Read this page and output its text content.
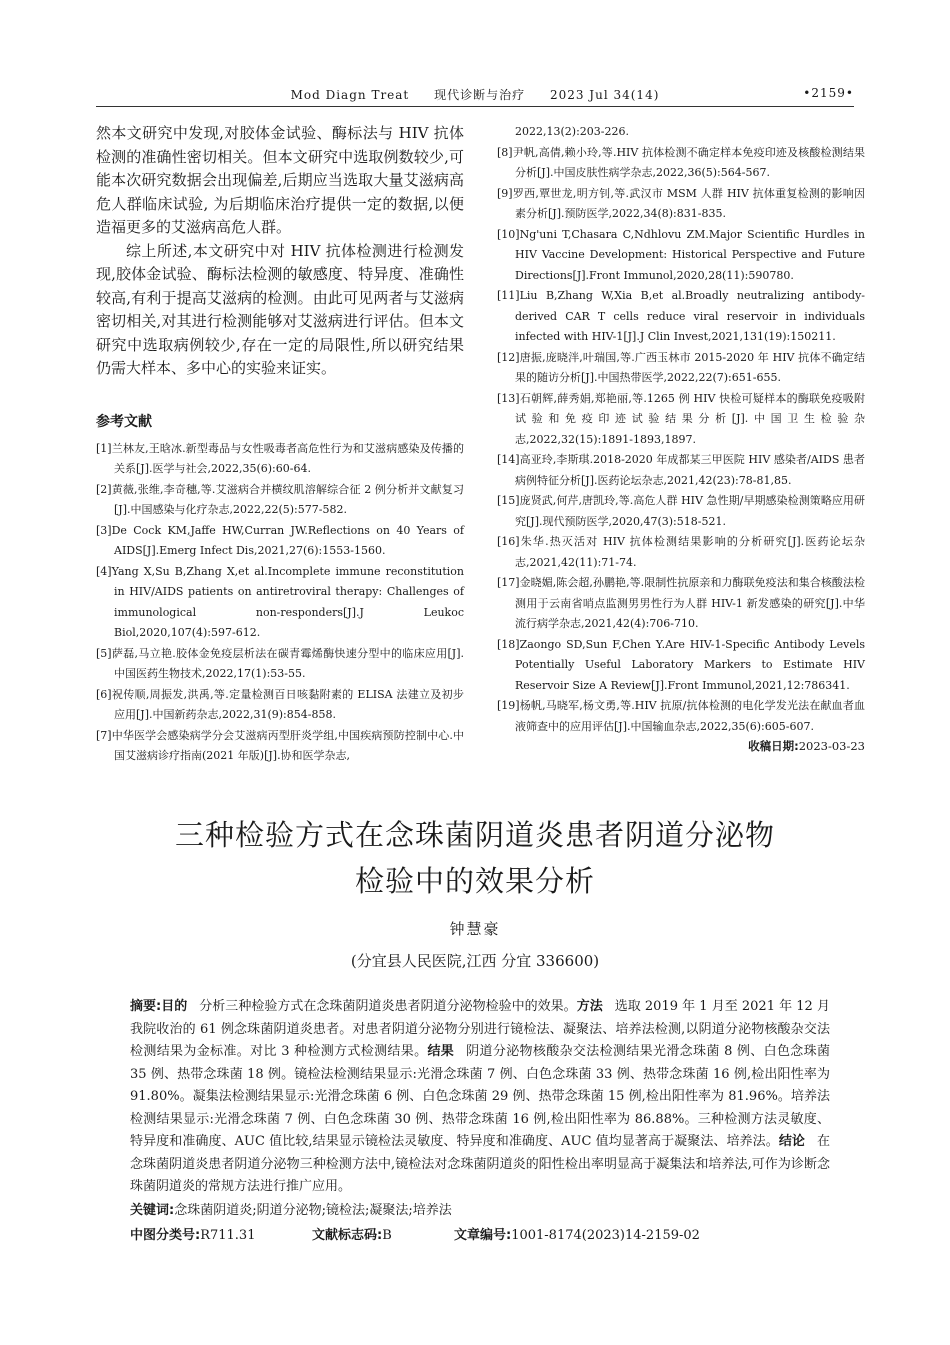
Mod Diagn Treat 现代诊断与治疗 2023 Jul 34(14)	•2159•

然本文研究中发现,对胶体金试验、酶标法与 HIV 抗体检测的准确性密切相关。但本文研究中选取例数较少,可能本次研究数据会出现偏差,后期应当选取大量艾滋病高危人群临床试验, 为后期临床治疗提供一定的数据,以便造福更多的艾滋病高危人群。

综上所述,本文研究中对 HIV 抗体检测进行检测发现,胶体金试验、酶标法检测的敏感度、特异度、准确性较高,有利于提高艾滋病的检测。由此可见两者与艾滋病密切相关,对其进行检测能够对艾滋病进行评估。但本文研究中选取病例较少,存在一定的局限性,所以研究结果仍需大样本、多中心的实验来证实。

参考文献
[1]兰林友,王晗冰.新型毒品与女性吸毒者高危性行为和艾滋病感染及传播的关系[J].医学与社会,2022,35(6):60-64.
[2]黄薇,张维,李奇穗,等.艾滋病合并横纹肌溶解综合征 2 例分析并文献复习[J].中国感染与化疗杂志,2022,22(5):577-582.
[3]De Cock KM,Jaffe HW,Curran JW.Reflections on 40 Years of AIDS[J].Emerg Infect Dis,2021,27(6):1553-1560.
[4]Yang X,Su B,Zhang X,et al.Incomplete immune reconstitution in HIV/AIDS patients on antiretroviral therapy: Challenges of immunological non-responders[J].J Leukoc Biol,2020,107(4):597-612.
[5]萨磊,马立艳.胶体金免疫层析法在碳青霉烯酶快速分型中的临床应用[J].中国医药生物技术,2022,17(1):53-55.
[6]祝传顺,周振发,洪禹,等.定量检测百日咳黏附素的 ELISA 法建立及初步应用[J].中国新药杂志,2022,31(9):854-858.
[7]中华医学会感染病学分会艾滋病丙型肝炎学组,中国疾病预防控制中心.中国艾滋病诊疗指南(2021 年版)[J].协和医学杂志,
2022,13(2):203-226.
[8]尹帆,高倩,赖小玲,等.HIV 抗体检测不确定样本免疫印迹及核酸检测结果分析[J].中国皮肤性病学杂志,2022,36(5):564-567.
[9]罗西,覃世龙,明方钊,等.武汉市 MSM 人群 HIV 抗体重复检测的影响因素分析[J].预防医学,2022,34(8):831-835.
[10]Ng'uni T,Chasara C,Ndhlovu ZM.Major Scientific Hurdles in HIV Vaccine Development: Historical Perspective and Future Directions[J].Front Immunol,2020,28(11):590780.
[11]Liu B,Zhang W,Xia B,et al.Broadly neutralizing antibody-derived CAR T cells reduce viral reservoir in individuals infected with HIV-1[J].J Clin Invest,2021,131(19):150211.
[12]唐振,庞晓泮,叶瑞国,等.广西玉林市 2015-2020 年 HIV 抗体不确定结果的随访分析[J].中国热带医学,2022,22(7):651-655.
[13]石朝辉,薛秀娟,郑艳丽,等.1265 例 HIV 快检可疑样本的酶联免疫吸附试验和免疫印迹试验结果分析[J].中国卫生检验杂志,2022,32(15):1891-1893,1897.
[14]高亚玲,李斯琪.2018-2020 年成都某三甲医院 HIV 感染者/AIDS 患者病例特征分析[J].医药论坛杂志,2021,42(23):78-81,85.
[15]庞贤武,何芹,唐凯玲,等.高危人群 HIV 急性期/早期感染检测策略应用研究[J].现代预防医学,2020,47(3):518-521.
[16]朱华.热灭活对 HIV 抗体检测结果影响的分析研究[J].医药论坛杂志,2021,42(11):71-74.
[17]金晓媚,陈会超,孙鹏艳,等.限制性抗原亲和力酶联免疫法和集合核酸法检测用于云南省哨点监测男男性行为人群 HIV-1 新发感染的研究[J].中华流行病学杂志,2021,42(4):706-710.
[18]Zaongo SD,Sun F,Chen Y.Are HIV-1-Specific Antibody Levels Potentially Useful Laboratory Markers to Estimate HIV Reservoir Size A Review[J].Front Immunol,2021,12:786341.
[19]杨帆,马晓军,杨文勇,等.HIV 抗原/抗体检测的电化学发光法在献血者血液筛查中的应用评估[J].中国输血杂志,2022,35(6):605-607.
收稿日期:2023-03-23
三种检验方式在念珠菌阴道炎患者阴道分泌物
检验中的效果分析
钟慧豪
(分宜县人民医院,江西 分宜 336600)
摘要:目的 分析三种检验方式在念珠菌阴道炎患者阴道分泌物检验中的效果。方法 选取 2019 年 1 月至 2021 年 12 月我院收治的 61 例念珠菌阴道炎患者。对患者阴道分泌物分别进行镜检法、凝聚法、培养法检测,以阴道分泌物核酸杂交法检测结果为金标准。对比 3 种检测方式检测结果。结果 阴道分泌物核酸杂交法检测结果光滑念珠菌 8 例、白色念珠菌 35 例、热带念珠菌 18 例。镜检法检测结果显示:光滑念珠菌 7 例、白色念珠菌 33 例、热带念珠菌 16 例,检出阳性率为 91.80%。凝集法检测结果显示:光滑念珠菌 6 例、白色念珠菌 29 例、热带念珠菌 15 例,检出阳性率为 81.96%。培养法检测结果显示:光滑念珠菌 7 例、白色念珠菌 30 例、热带念珠菌 16 例,检出阳性率为 86.88%。三种检测方法灵敏度、特异度和准确度、AUC 值比较,结果显示镜检法灵敏度、特异度和准确度、AUC 值均显著高于凝聚法、培养法。结论 在念珠菌阴道炎患者阴道分泌物三种检测方法中,镜检法对念珠菌阴道炎的阳性检出率明显高于凝集法和培养法,可作为诊断念珠菌阴道炎的常规方法进行推广应用。
关键词:念珠菌阴道炎;阴道分泌物;镜检法;凝聚法;培养法
中图分类号:R711.31	文献标志码:B	文章编号:1001-8174(2023)14-2159-02
